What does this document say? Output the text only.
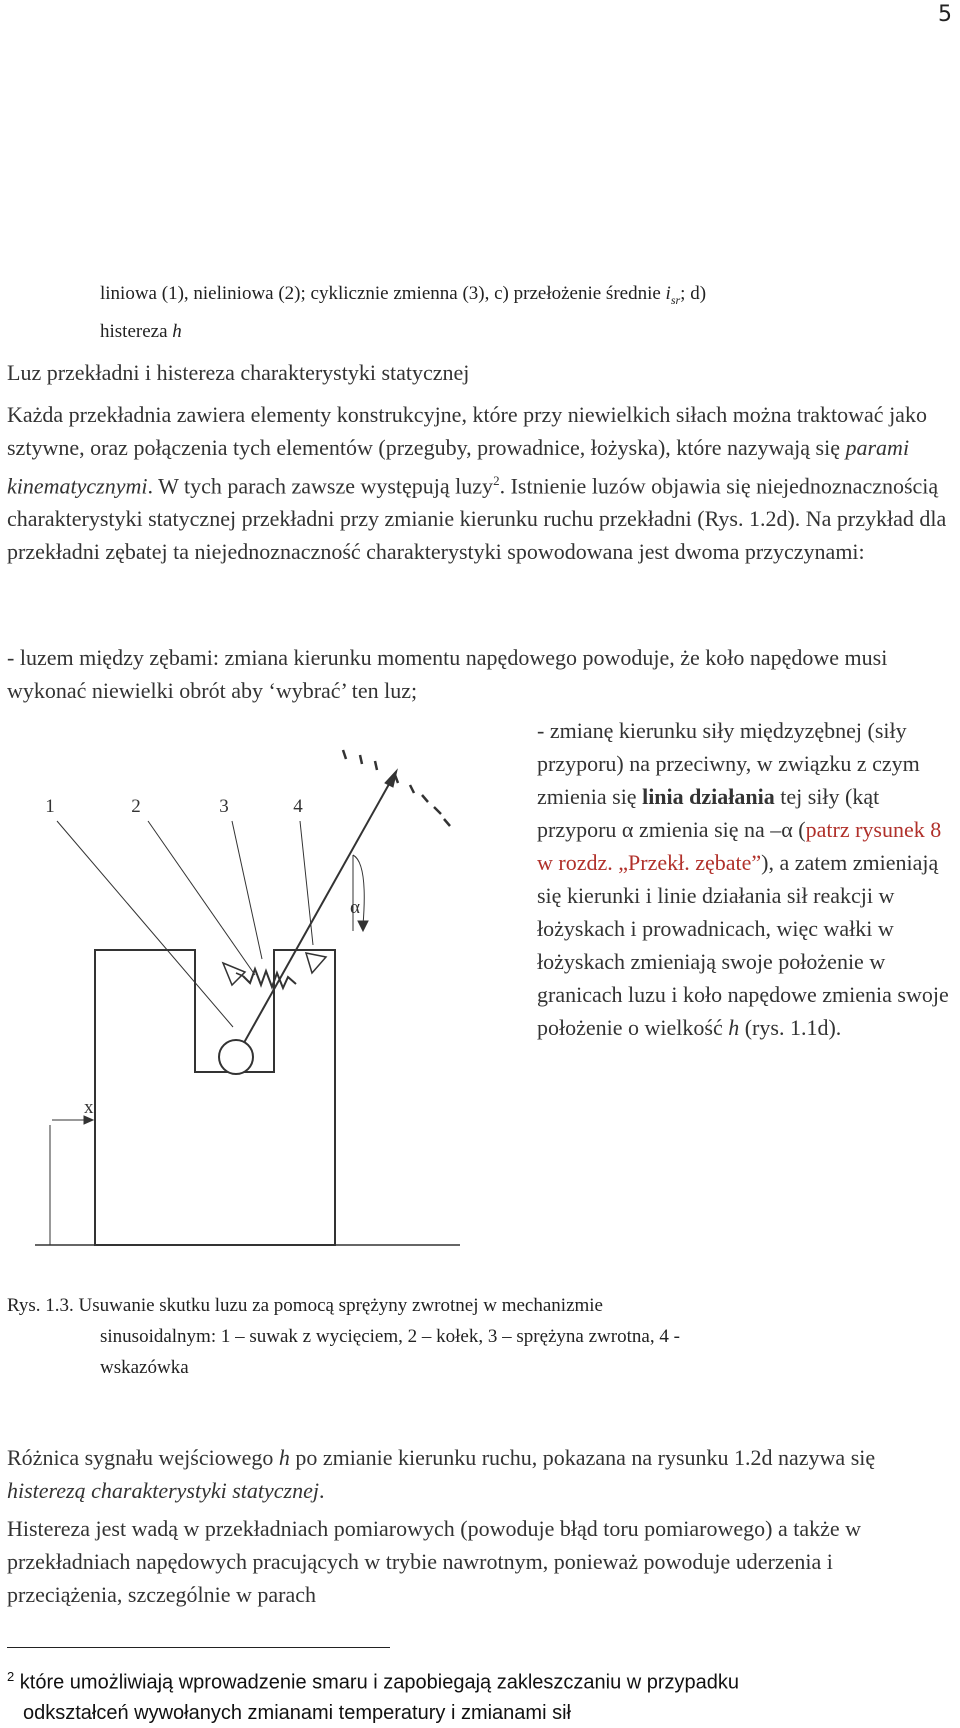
5
liniowa (1), nieliniowa (2); cyklicznie zmienna (3), c) przełożenie średnie $i_{sr}$; d)
histereza h
Luz przekładni i histereza charakterystyki statycznej
Każda przekładnia zawiera elementy konstrukcyjne, które przy niewielkich siłach można traktować jako sztywne, oraz połączenia tych elementów (przeguby, prowadnice, łożyska), które nazywają się parami kinematycznymi. W tych parach zawsze występują luzy$^2$. Istnienie luzów objawia się niejednoznacznością charakterystyki statycznej przekładni przy zmianie kierunku ruchu przekładni (Rys. 1.2d). Na przykład dla przekładni zębatej ta niejednoznaczność charakterystyki spowodowana jest dwoma przyczynami:
- luzem między zębami: zmiana kierunku momentu napędowego powoduje, że koło napędowe musi wykonać niewielki obrót aby ‘wybrać’ ten luz;
1	2	3	4
α
x
- zmianę kierunku siły międzyzębnej (siły przyporu) na przeciwny, w związku z czym zmienia się linia działania tej siły (kąt przyporu α zmienia się na –α (patrz rysunek 8 w rozdz. „Przekł. zębate”), a zatem zmieniają się kierunki i linie działania sił reakcji w łożyskach i prowadnicach, więc wałki w łożyskach zmieniają swoje położenie w granicach luzu i koło napędowe zmienia swoje położenie o wielkość h (rys. 1.1d).
Rys. 1.3. Usuwanie skutku luzu za pomocą sprężyny zwrotnej w mechanizmie
sinusoidalnym: 1 – suwak z wycięciem, 2 – kołek, 3 – sprężyna zwrotna, 4 -
wskazówka
Różnica sygnału wejściowego h po zmianie kierunku ruchu, pokazana na rysunku 1.2d nazywa się histerezą charakterystyki statycznej.
Histereza jest wadą w przekładniach pomiarowych (powoduje błąd toru pomiarowego) a także w przekładniach napędowych pracujących w trybie nawrotnym, ponieważ powoduje uderzenia i przeciążenia, szczególnie w parach
$^2$ które umożliwiają wprowadzenie smaru i zapobiegają zakleszczaniu w przypadku
odkształceń wywołanych zmianami temperatury i zmianami sił
